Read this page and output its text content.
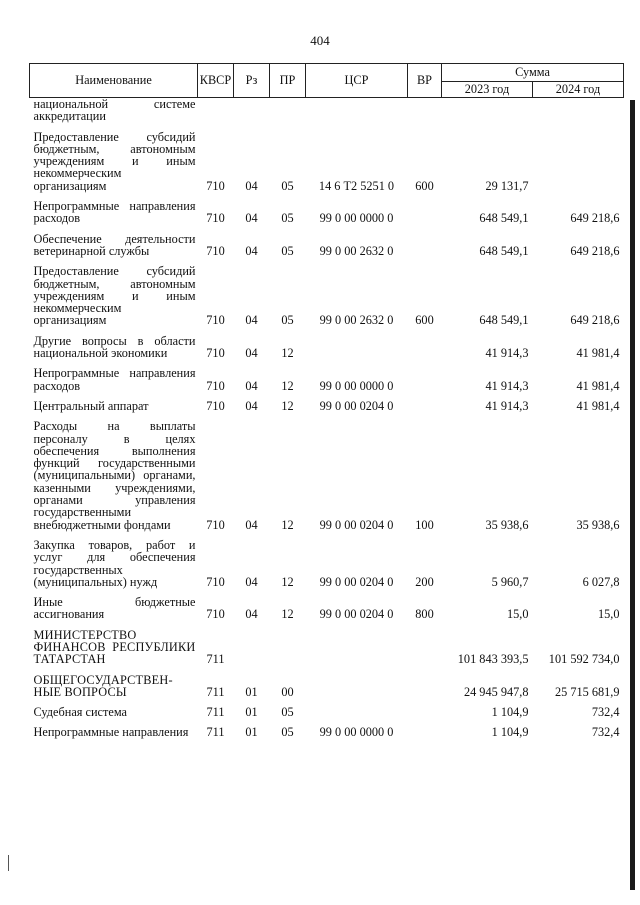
404
Наименование	КВСР	Рз	ПР	ЦСР	ВР	Сумма	
						2023 год	2024 год
национальной системе аккредитации							

Предоставление субсидий бюджетным, автономным учреждениям и иным некоммерческим организациям	710	04	05	14 6 Т2 5251 0	600	29 131,7	

Непрограммные направления расходов	710	04	05	99 0 00 0000 0		648 549,1	649 218,6

Обеспечение деятельности ветеринарной службы	710	04	05	99 0 00 2632 0		648 549,1	649 218,6

Предоставление субсидий бюджетным, автономным учреждениям и иным некоммерческим организациям	710	04	05	99 0 00 2632 0	600	648 549,1	649 218,6

Другие вопросы в области национальной экономики	710	04	12			41 914,3	41 981,4

Непрограммные направления расходов	710	04	12	99 0 00 0000 0		41 914,3	41 981,4

Центральный аппарат	710	04	12	99 0 00 0204 0		41 914,3	41 981,4

Расходы на выплаты персоналу в целях обеспечения выполнения функций государственными (муниципальными) органами, казенными учреждениями, органами управления государственными внебюджетными фондами	710	04	12	99 0 00 0204 0	100	35 938,6	35 938,6

Закупка товаров, работ и услуг для обеспечения государственных (муниципальных) нужд	710	04	12	99 0 00 0204 0	200	5 960,7	6 027,8

Иные бюджетные ассигнования	710	04	12	99 0 00 0204 0	800	15,0	15,0

МИНИСТЕРСТВО ФИНАНСОВ РЕСПУБЛИКИ ТАТАРСТАН	711					101 843 393,5	101 592 734,0

ОБЩЕГОСУДАРСТВЕН-НЫЕ ВОПРОСЫ	711	01	00			24 945 947,8	25 715 681,9

Судебная система	711	01	05			1 104,9	732,4

Непрограммные направления	711	01	05	99 0 00 0000 0		1 104,9	732,4
